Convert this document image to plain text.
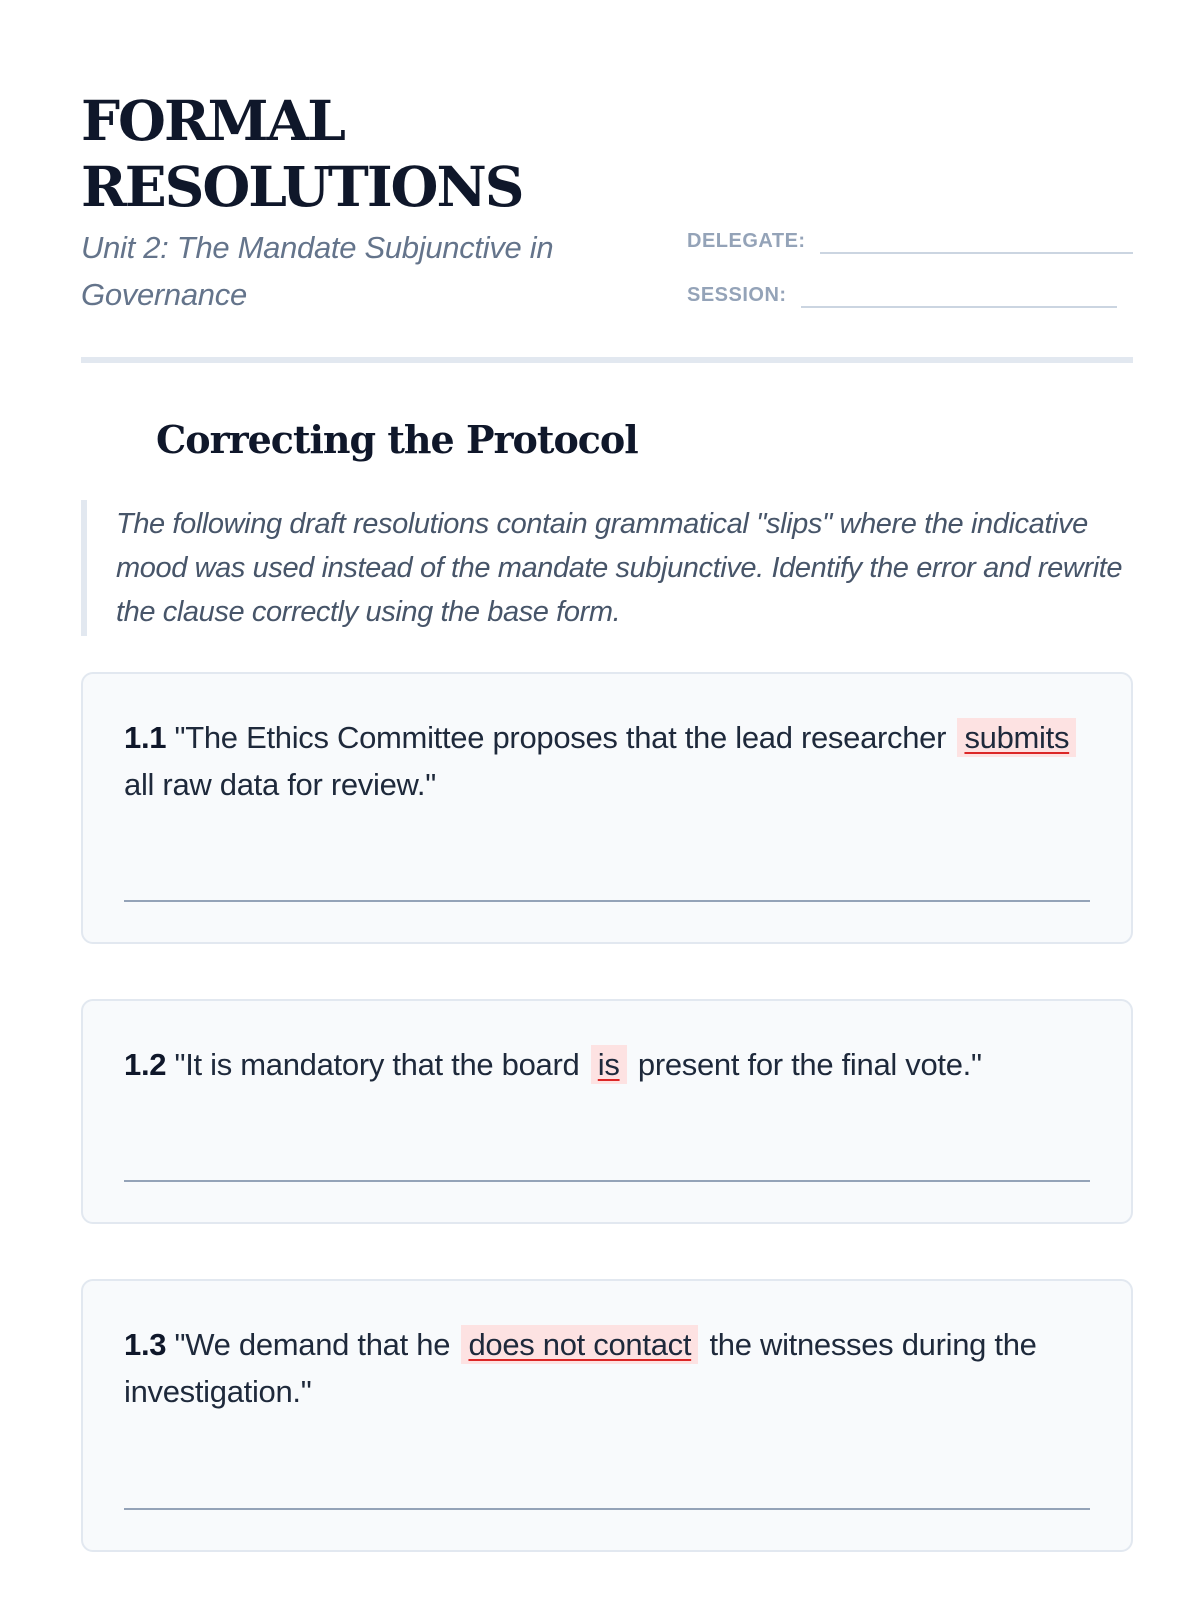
FORMAL
RESOLUTIONS

Unit 2: The Mandate Subjunctive in Governance

DELEGATE:
SESSION:
Correcting the Protocol

The following draft resolutions contain grammatical "slips" where the indicative mood was used instead of the mandate subjunctive. Identify the error and rewrite the clause correctly using the base form.

1.1 "The Ethics Committee proposes that the lead researcher submits all raw data for review."

1.2 "It is mandatory that the board is present for the final vote."

1.3 "We demand that he does not contact the witnesses during the investigation."
